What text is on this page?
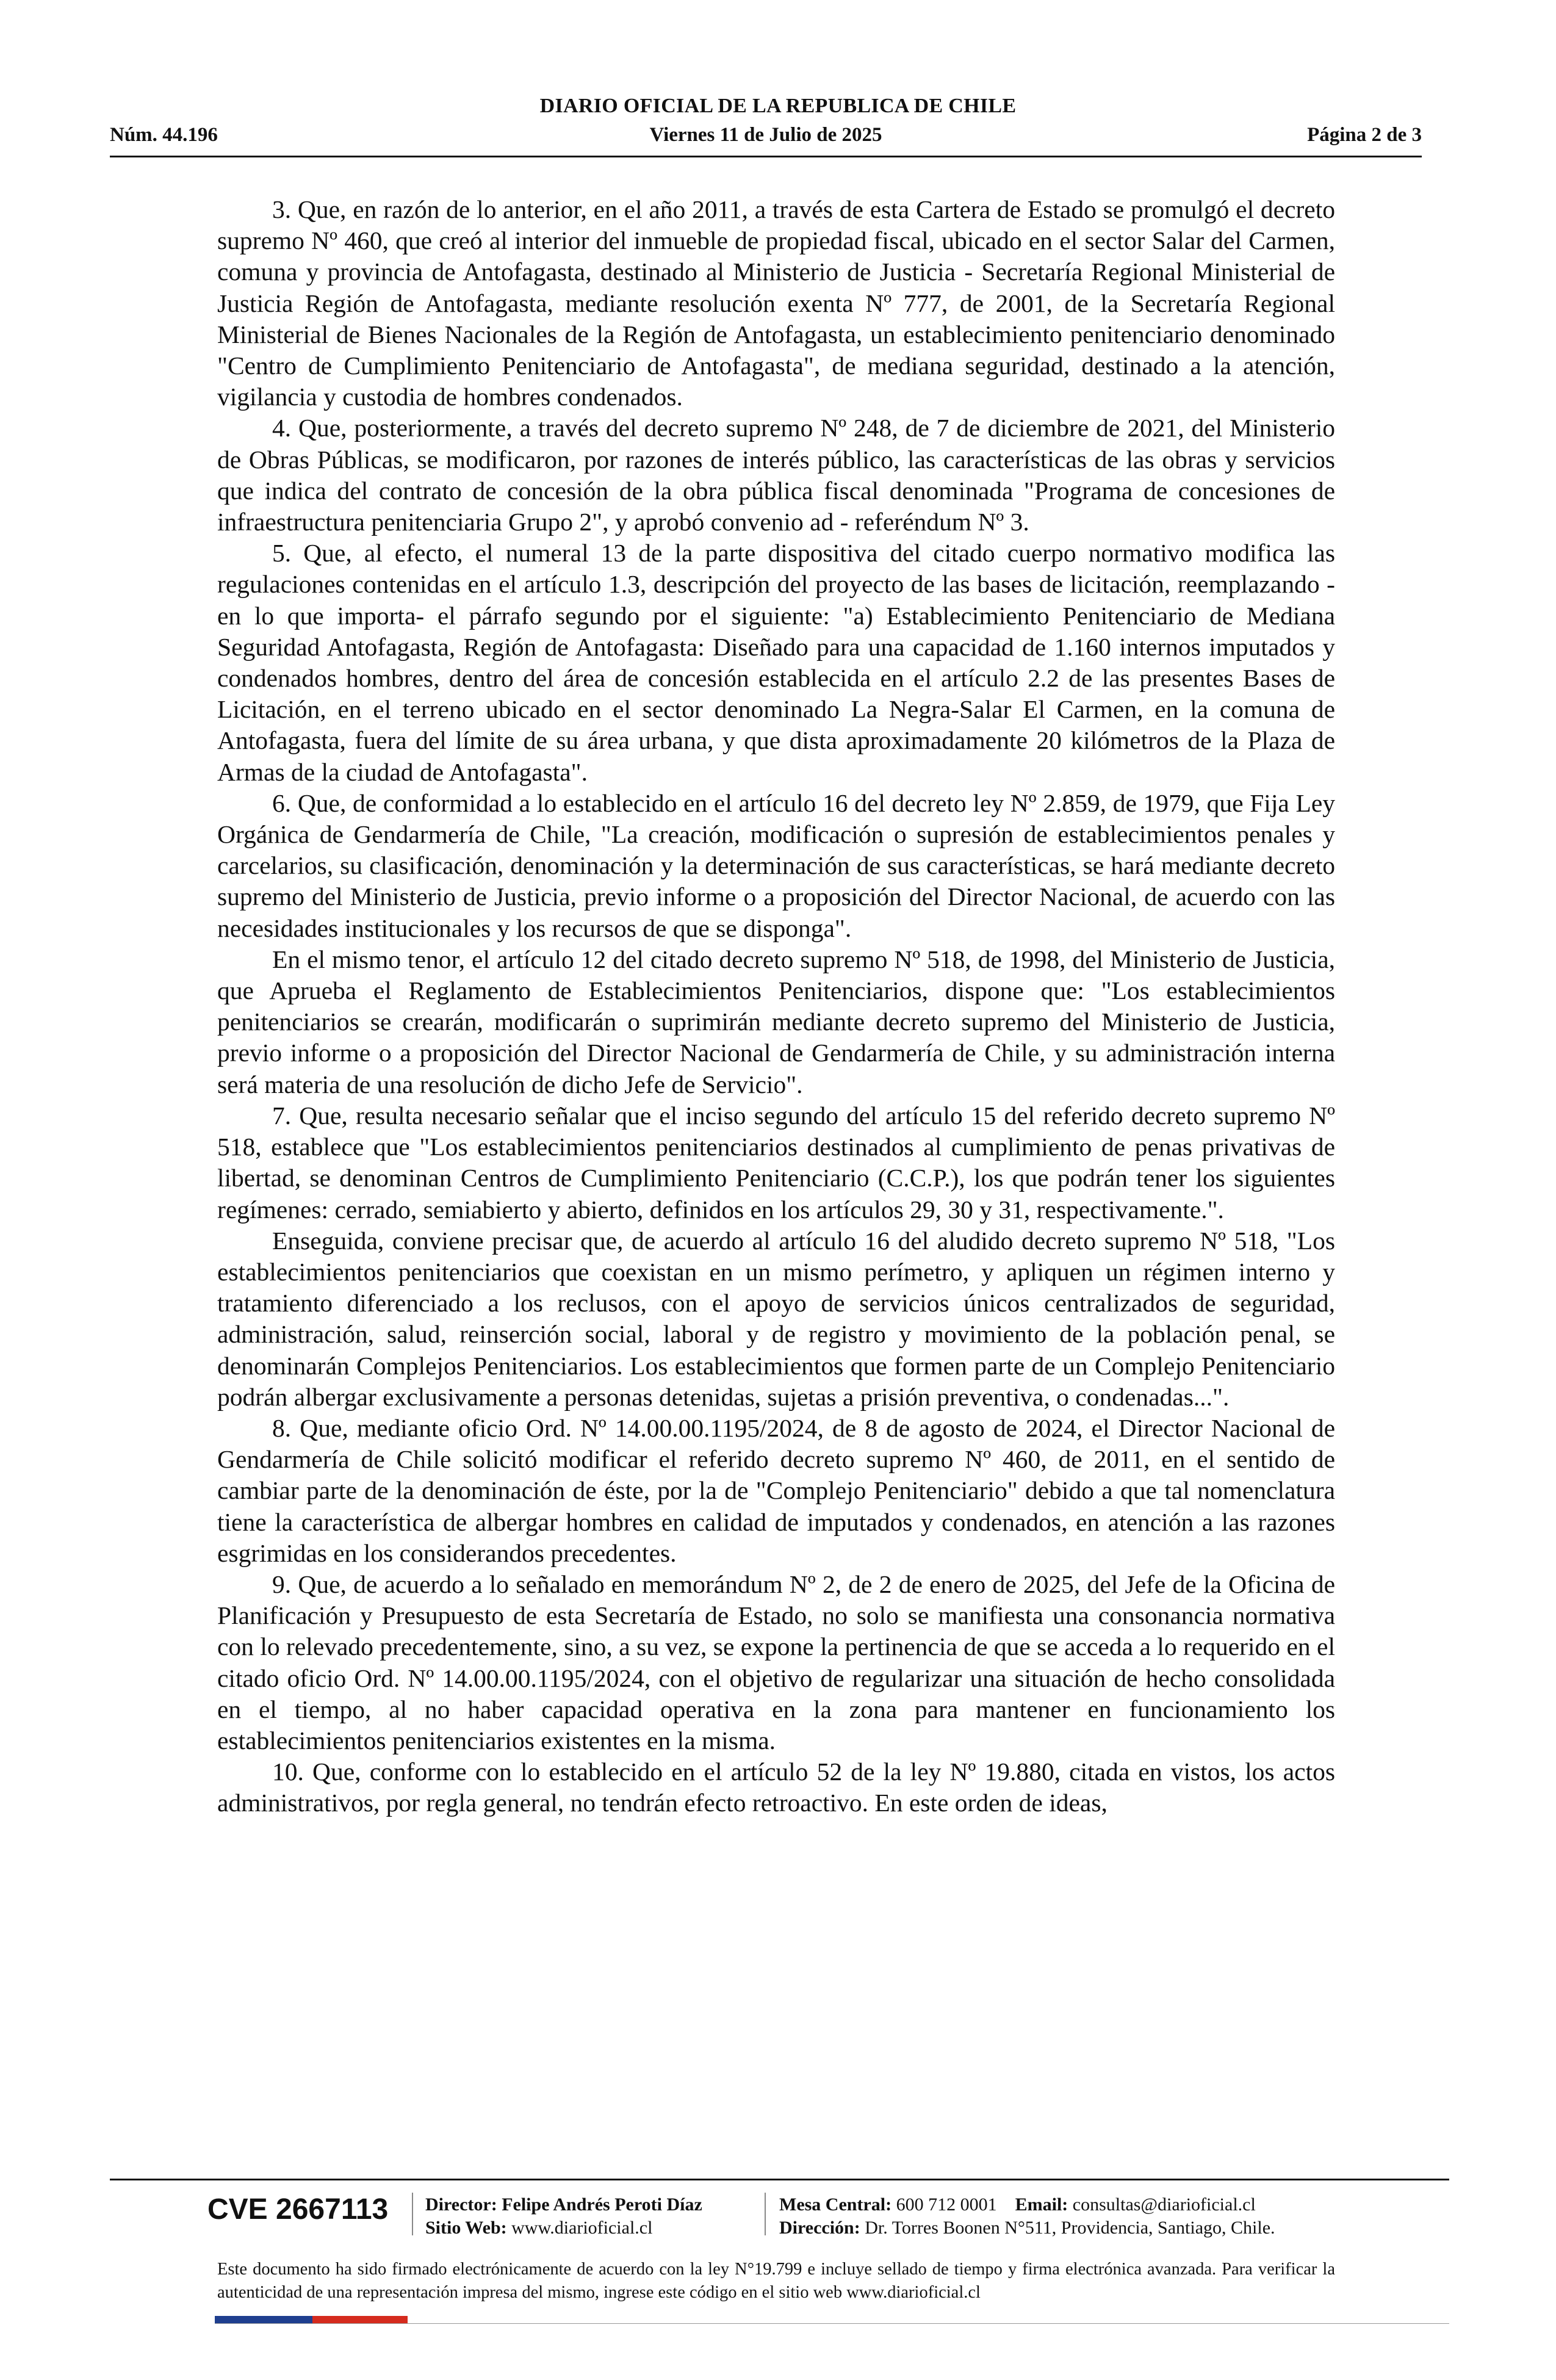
DIARIO OFICIAL DE LA REPUBLICA DE CHILE
Viernes 11 de Julio de 2025
Núm. 44.196	Página 2 de 3

3. Que, en razón de lo anterior, en el año 2011, a través de esta Cartera de Estado se promulgó el decreto supremo Nº 460, que creó al interior del inmueble de propiedad fiscal, ubicado en el sector Salar del Carmen, comuna y provincia de Antofagasta, destinado al Ministerio de Justicia - Secretaría Regional Ministerial de Justicia Región de Antofagasta, mediante resolución exenta Nº 777, de 2001, de la Secretaría Regional Ministerial de Bienes Nacionales de la Región de Antofagasta, un establecimiento penitenciario denominado "Centro de Cumplimiento Penitenciario de Antofagasta", de mediana seguridad, destinado a la atención, vigilancia y custodia de hombres condenados.

4. Que, posteriormente, a través del decreto supremo Nº 248, de 7 de diciembre de 2021, del Ministerio de Obras Públicas, se modificaron, por razones de interés público, las características de las obras y servicios que indica del contrato de concesión de la obra pública fiscal denominada "Programa de concesiones de infraestructura penitenciaria Grupo 2", y aprobó convenio ad - referéndum Nº 3.

5. Que, al efecto, el numeral 13 de la parte dispositiva del citado cuerpo normativo modifica las regulaciones contenidas en el artículo 1.3, descripción del proyecto de las bases de licitación, reemplazando -en lo que importa- el párrafo segundo por el siguiente: "a) Establecimiento Penitenciario de Mediana Seguridad Antofagasta, Región de Antofagasta: Diseñado para una capacidad de 1.160 internos imputados y condenados hombres, dentro del área de concesión establecida en el artículo 2.2 de las presentes Bases de Licitación, en el terreno ubicado en el sector denominado La Negra-Salar El Carmen, en la comuna de Antofagasta, fuera del límite de su área urbana, y que dista aproximadamente 20 kilómetros de la Plaza de Armas de la ciudad de Antofagasta".

6. Que, de conformidad a lo establecido en el artículo 16 del decreto ley Nº 2.859, de 1979, que Fija Ley Orgánica de Gendarmería de Chile, "La creación, modificación o supresión de establecimientos penales y carcelarios, su clasificación, denominación y la determinación de sus características, se hará mediante decreto supremo del Ministerio de Justicia, previo informe o a proposición del Director Nacional, de acuerdo con las necesidades institucionales y los recursos de que se disponga".

En el mismo tenor, el artículo 12 del citado decreto supremo Nº 518, de 1998, del Ministerio de Justicia, que Aprueba el Reglamento de Establecimientos Penitenciarios, dispone que: "Los establecimientos penitenciarios se crearán, modificarán o suprimirán mediante decreto supremo del Ministerio de Justicia, previo informe o a proposición del Director Nacional de Gendarmería de Chile, y su administración interna será materia de una resolución de dicho Jefe de Servicio".

7. Que, resulta necesario señalar que el inciso segundo del artículo 15 del referido decreto supremo Nº 518, establece que "Los establecimientos penitenciarios destinados al cumplimiento de penas privativas de libertad, se denominan Centros de Cumplimiento Penitenciario (C.C.P.), los que podrán tener los siguientes regímenes: cerrado, semiabierto y abierto, definidos en los artículos 29, 30 y 31, respectivamente.".

Enseguida, conviene precisar que, de acuerdo al artículo 16 del aludido decreto supremo Nº 518, "Los establecimientos penitenciarios que coexistan en un mismo perímetro, y apliquen un régimen interno y tratamiento diferenciado a los reclusos, con el apoyo de servicios únicos centralizados de seguridad, administración, salud, reinserción social, laboral y de registro y movimiento de la población penal, se denominarán Complejos Penitenciarios. Los establecimientos que formen parte de un Complejo Penitenciario podrán albergar exclusivamente a personas detenidas, sujetas a prisión preventiva, o condenadas...".

8. Que, mediante oficio Ord. Nº 14.00.00.1195/2024, de 8 de agosto de 2024, el Director Nacional de Gendarmería de Chile solicitó modificar el referido decreto supremo Nº 460, de 2011, en el sentido de cambiar parte de la denominación de éste, por la de "Complejo Penitenciario" debido a que tal nomenclatura tiene la característica de albergar hombres en calidad de imputados y condenados, en atención a las razones esgrimidas en los considerandos precedentes.

9. Que, de acuerdo a lo señalado en memorándum Nº 2, de 2 de enero de 2025, del Jefe de la Oficina de Planificación y Presupuesto de esta Secretaría de Estado, no solo se manifiesta una consonancia normativa con lo relevado precedentemente, sino, a su vez, se expone la pertinencia de que se acceda a lo requerido en el citado oficio Ord. Nº 14.00.00.1195/2024, con el objetivo de regularizar una situación de hecho consolidada en el tiempo, al no haber capacidad operativa en la zona para mantener en funcionamiento los establecimientos penitenciarios existentes en la misma.

10. Que, conforme con lo establecido en el artículo 52 de la ley Nº 19.880, citada en vistos, los actos administrativos, por regla general, no tendrán efecto retroactivo. En este orden de ideas,

CVE 2667113 Director: Felipe Andrés Peroti Díaz
Sitio Web: www.diarioficial.cl
Mesa Central: 600 712 0001 Email: consultas@diarioficial.cl
Dirección: Dr. Torres Boonen N°511, Providencia, Santiago, Chile.
Este documento ha sido firmado electrónicamente de acuerdo con la ley N°19.799 e incluye sellado de tiempo y firma electrónica avanzada. Para verificar la autenticidad de una representación impresa del mismo, ingrese este código en el sitio web www.diarioficial.cl
